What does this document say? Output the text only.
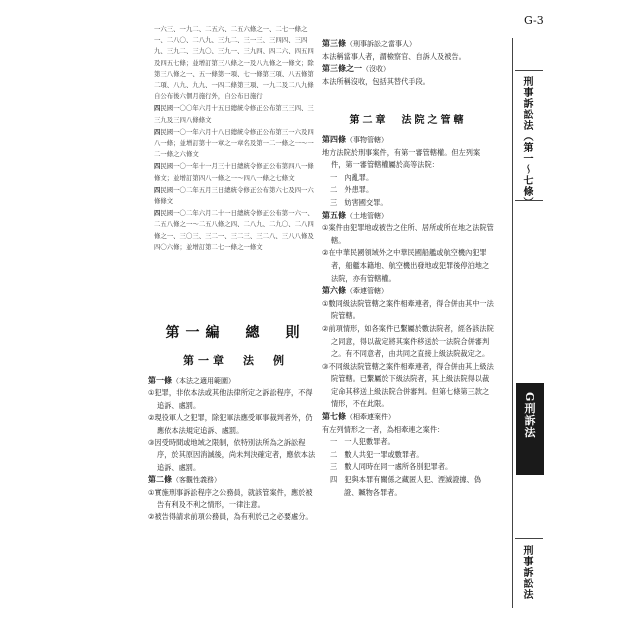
一六三、一九二、二五六、二五六條之一、二七一條之一、二八〇、二八九、三九二、三一三、三四四、三四九、三九二、三九〇、三九一、三九四、四二六、四五四及四五七條；並增訂第三八條之一及八九條之一條文；除第三八條之一、五一條第一項、七一條第三項、八五條第二項、八九、九九、一四二條第三項、一九二及二八九條自公布後六個月施行外，自公布日施行
四民國一〇〇年六月十五日總統令修正公布第三三四、三三九及三四八條條文
四民國一〇一年六月十八日總統令修正公布第三一六及四八一條；並增訂第十一章之一章名及第一二一條之一～一二一條之六條文
四民國一〇一年十一月三十日總統令修正公布第四八一條條文；並增訂第四八一條之一～四八一條之七條文
四民國一〇二年五月三日總統令修正公布第六七及四一六條條文
四民國一〇二年六月二十一日總統令修正公布第一六一、二五八條之一～二五八條之四、二八九、二九〇、二八四條之一、三〇三、三二一、三二三、三二八、三八八條及四〇六條；並增訂第二七一條之一條文
第一編　總　則
第一章　法　例
第一條（本法之適用範圍）
①犯罪，非依本法或其他法律所定之訴訟程序，不得追訴、處罰。
②現役軍人之犯罪，除犯軍法應受軍事裁判者外，仍應依本法規定追訴、處罰。
③因受時間或地域之限制，依特別法所為之訴訟程序，於其原因消滅後，尚未判決確定者，應依本法追訴、處罰。
第二條（客觀性義務）
①實施刑事訴訟程序之公務員，就該管案件，應於被告有利及不利之情形，一律注意。
②被告得請求前項公務員，為有利於己之必要處分。
第三條（刑事訴訟之當事人）
本法稱當事人者，謂檢察官、自訴人及被告。
第三條之一（沒收）
本法所稱沒收，包括其替代手段。
第二章　法院之管轄
第四條（事物管轄）
地方法院於刑事案件，有第一審管轄權。但左列案件，第一審管轄權屬於高等法院：
一　內亂罪。
二　外患罪。
三　妨害國交罪。
第五條（土地管轄）
①案件由犯罪地或被告之住所、居所或所在地之法院管轄。
②在中華民國領域外之中華民國船艦或航空機內犯罪者，船艦本籍地、航空機出發地或犯罪後停泊地之法院，亦有管轄權。
第六條（牽連管轄）
①數同級法院管轄之案件相牽連者，得合併由其中一法院管轄。
②前項情形，如各案件已繫屬於數法院者，經各該法院之同意，得以裁定將其案件移送於一法院合併審判之。有不同意者，由共同之直接上級法院裁定之。
③不同級法院管轄之案件相牽連者，得合併由其上級法院管轄。已繫屬於下級法院者，其上級法院得以裁定命其移送上級法院合併審判。但第七條第三款之情形，不在此限。
第七條（相牽連案件）
有左列情形之一者，為相牽連之案件：
一　一人犯數罪者。
二　數人共犯一罪或數罪者。
三　數人同時在同一處所各別犯罪者。
四　犯與本罪有關係之藏匿人犯、湮滅證據、偽證、贓物各罪者。
G-3
刑事訴訟法（第一～七條）
G刑訴法
刑事訴訟法
